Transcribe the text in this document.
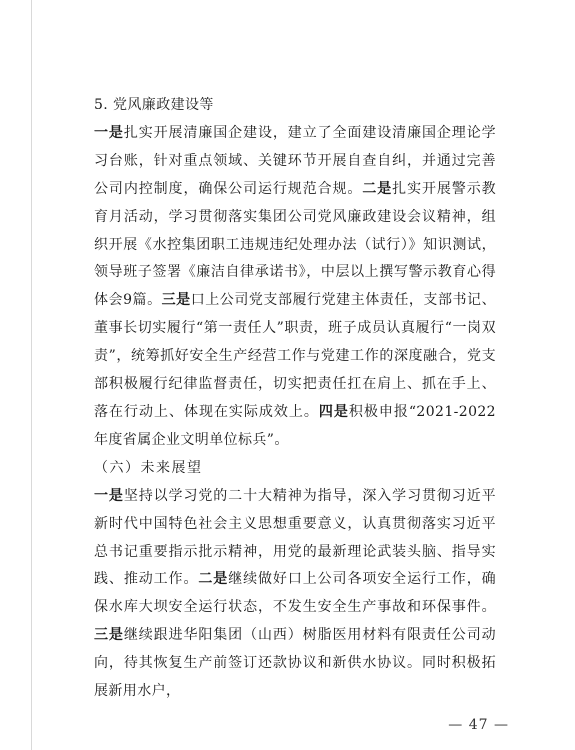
5. 党风廉政建设等
一是扎实开展清廉国企建设，建立了全面建设清廉国企理论学习台账，针对重点领域、关键环节开展自查自纠，并通过完善公司内控制度，确保公司运行规范合规。二是扎实开展警示教育月活动，学习贯彻落实集团公司党风廉政建设会议精神，组织开展《水控集团职工违规违纪处理办法（试行）》知识测试，领导班子签署《廉洁自律承诺书》，中层以上撰写警示教育心得体会9篇。三是口上公司党支部履行党建主体责任，支部书记、董事长切实履行“第一责任人”职责，班子成员认真履行“一岗双责”，统筹抓好安全生产经营工作与党建工作的深度融合，党支部积极履行纪律监督责任，切实把责任扛在肩上、抓在手上、落在行动上、体现在实际成效上。四是积极申报“2021-2022 年度省属企业文明单位标兵”。
（六）未来展望
一是坚持以学习党的二十大精神为指导，深入学习贯彻习近平新时代中国特色社会主义思想重要意义，认真贯彻落实习近平总书记重要指示批示精神，用党的最新理论武装头脑、指导实践、推动工作。二是继续做好口上公司各项安全运行工作，确保水库大坝安全运行状态，不发生安全生产事故和环保事件。三是继续跟进华阳集团（山西）树脂医用材料有限责任公司动向，待其恢复生产前签订还款协议和新供水协议。同时积极拓展新用水户，
— 47 —
